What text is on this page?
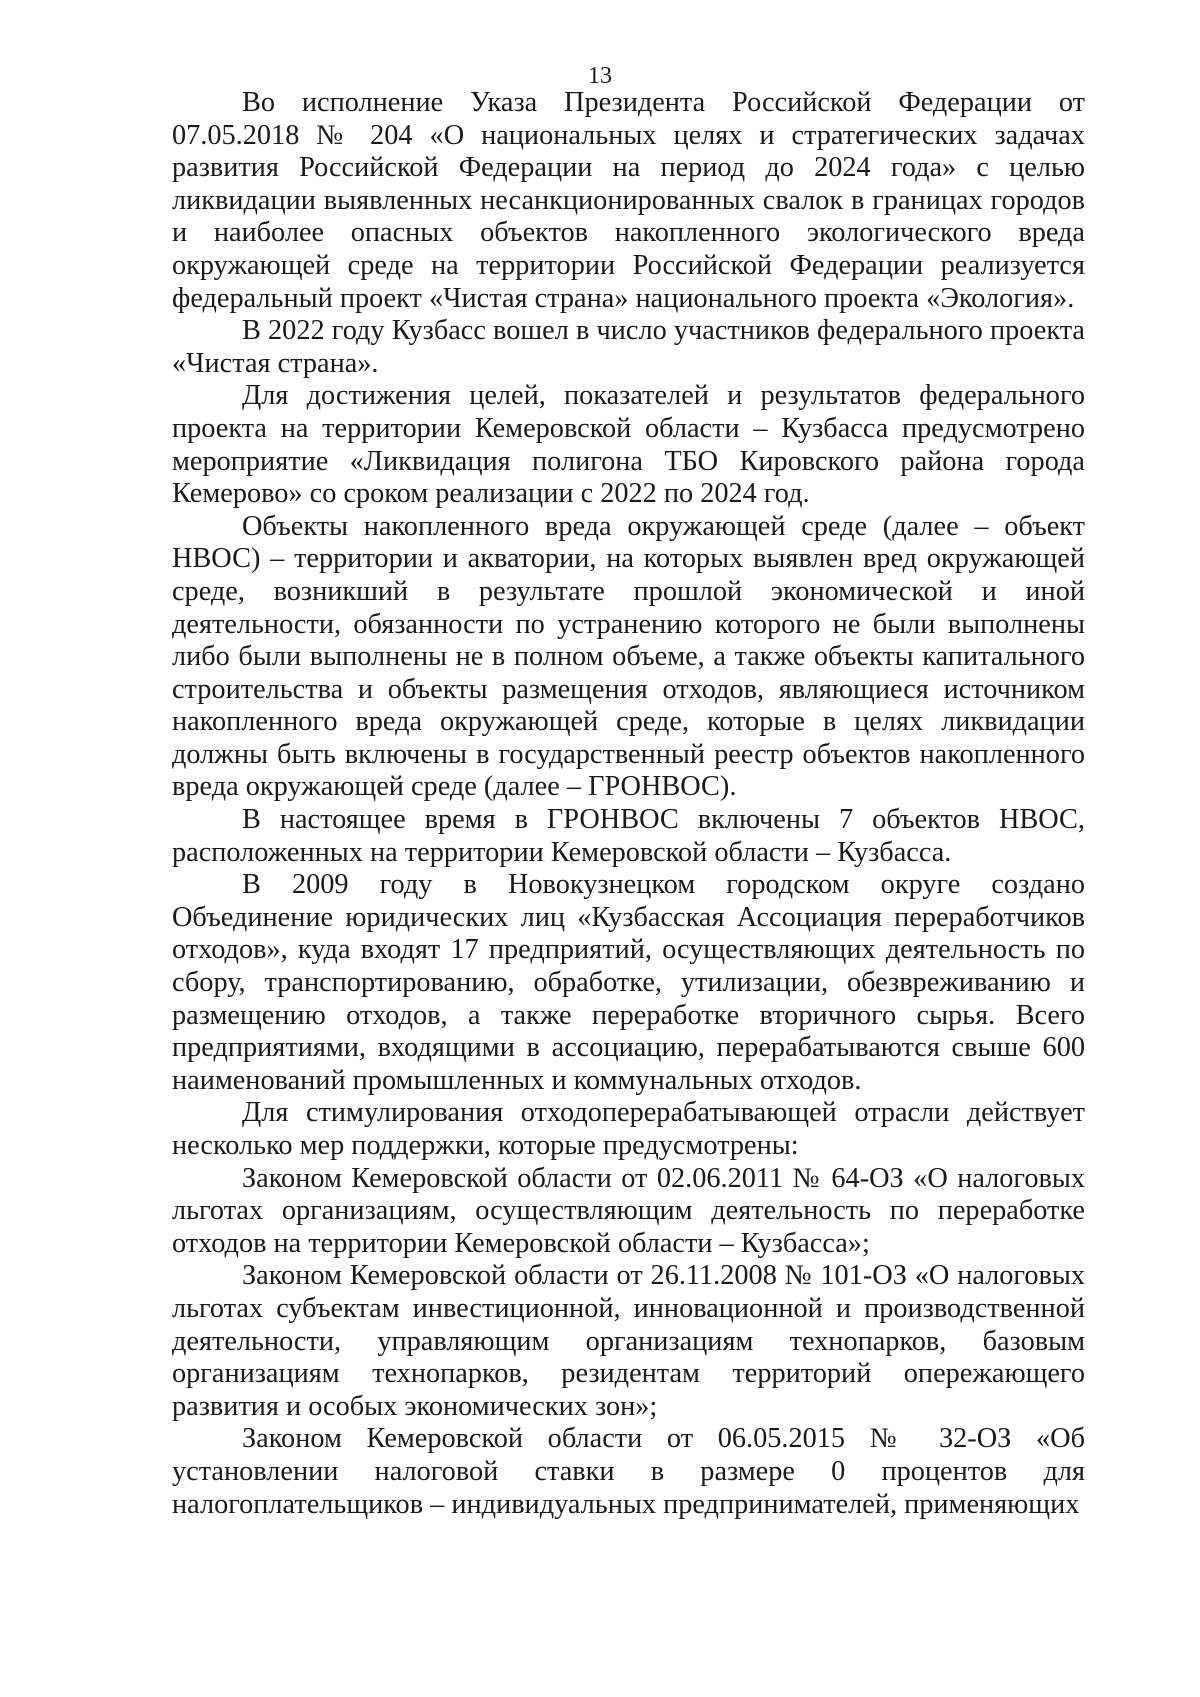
13

Во исполнение Указа Президента Российской Федерации от 07.05.2018 № 204 «О национальных целях и стратегических задачах развития Российской Федерации на период до 2024 года» с целью ликвидации выявленных несанкционированных свалок в границах городов и наиболее опасных объектов накопленного экологического вреда окружающей среде на территории Российской Федерации реализуется федеральный проект «Чистая страна» национального проекта «Экология».

В 2022 году Кузбасс вошел в число участников федерального проекта «Чистая страна».

Для достижения целей, показателей и результатов федерального проекта на территории Кемеровской области – Кузбасса предусмотрено мероприятие «Ликвидация полигона ТБО Кировского района города Кемерово» со сроком реализации с 2022 по 2024 год.

Объекты накопленного вреда окружающей среде (далее – объект НВОС) – территории и акватории, на которых выявлен вред окружающей среде, возникший в результате прошлой экономической и иной деятельности, обязанности по устранению которого не были выполнены либо были выполнены не в полном объеме, а также объекты капитального строительства и объекты размещения отходов, являющиеся источником накопленного вреда окружающей среде, которые в целях ликвидации должны быть включены в государственный реестр объектов накопленного вреда окружающей среде (далее – ГРОНВОС).

В настоящее время в ГРОНВОС включены 7 объектов НВОС, расположенных на территории Кемеровской области – Кузбасса.

В 2009 году в Новокузнецком городском округе создано Объединение юридических лиц «Кузбасская Ассоциация переработчиков отходов», куда входят 17 предприятий, осуществляющих деятельность по сбору, транспортированию, обработке, утилизации, обезвреживанию и размещению отходов, а также переработке вторичного сырья. Всего предприятиями, входящими в ассоциацию, перерабатываются свыше 600 наименований промышленных и коммунальных отходов.

Для стимулирования отходоперерабатывающей отрасли действует несколько мер поддержки, которые предусмотрены:

Законом Кемеровской области от 02.06.2011 № 64-ОЗ «О налоговых льготах организациям, осуществляющим деятельность по переработке отходов на территории Кемеровской области – Кузбасса»;

Законом Кемеровской области от 26.11.2008 № 101-ОЗ «О налоговых льготах субъектам инвестиционной, инновационной и производственной деятельности, управляющим организациям технопарков, базовым организациям технопарков, резидентам территорий опережающего развития и особых экономических зон»;

Законом Кемеровской области от 06.05.2015 № 32-ОЗ «Об установлении налоговой ставки в размере 0 процентов для налогоплательщиков – индивидуальных предпринимателей, применяющих
